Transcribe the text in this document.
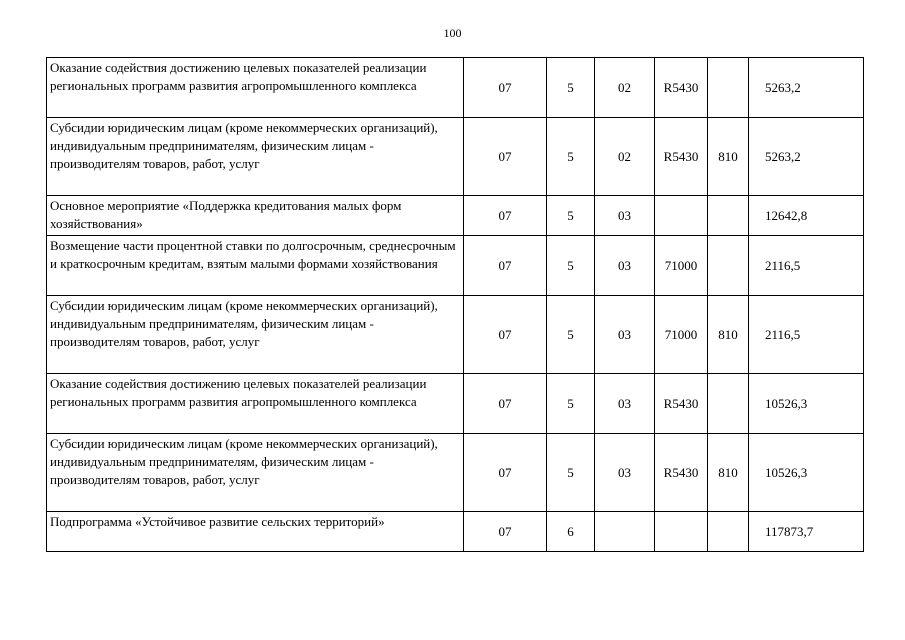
100
Оказание содействия достижению целевых показателей реализации региональных программ развития агропромышленного комплекса	07	5	02	R5430		5263,2
Субсидии юридическим лицам (кроме некоммерческих организаций), индивидуальным предпринимателям, физическим лицам - производителям товаров, работ, услуг	07	5	02	R5430	810	5263,2
Основное мероприятие «Поддержка кредитования малых форм хозяйствования»	07	5	03			12642,8
Возмещение части процентной ставки по долгосрочным, среднесрочным и краткосрочным кредитам, взятым малыми формами хозяйствования	07	5	03	71000		2116,5
Субсидии юридическим лицам (кроме некоммерческих организаций), индивидуальным предпринимателям, физическим лицам - производителям товаров, работ, услуг	07	5	03	71000	810	2116,5
Оказание содействия достижению целевых показателей реализации региональных программ развития агропромышленного комплекса	07	5	03	R5430		10526,3
Субсидии юридическим лицам (кроме некоммерческих организаций), индивидуальным предпринимателям, физическим лицам - производителям товаров, работ, услуг	07	5	03	R5430	810	10526,3
Подпрограмма «Устойчивое развитие сельских территорий»	07	6				117873,7
